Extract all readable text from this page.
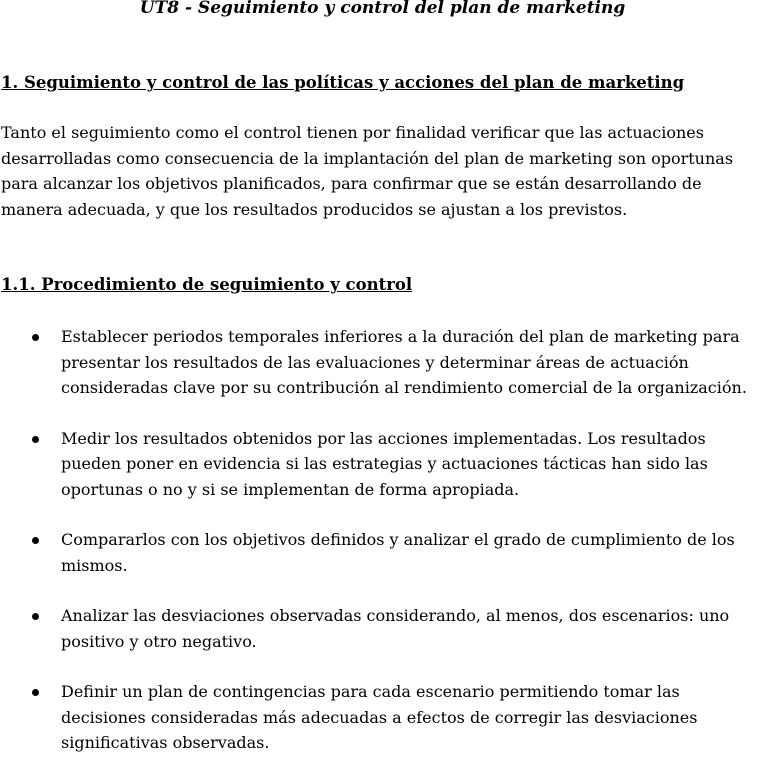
UT8 - Seguimiento y control del plan de marketing
1. Seguimiento y control de las políticas y acciones del plan de marketing

Tanto el seguimiento como el control tienen por finalidad verificar que las actuaciones desarrolladas como consecuencia de la implantación del plan de marketing son oportunas para alcanzar los objetivos planificados, para confirmar que se están desarrollando de manera adecuada, y que los resultados producidos se ajustan a los previstos.

1.1. Procedimiento de seguimiento y control
Establecer periodos temporales inferiores a la duración del plan de marketing para presentar los resultados de las evaluaciones y determinar áreas de actuación consideradas clave por su contribución al rendimiento comercial de la organización.
Medir los resultados obtenidos por las acciones implementadas. Los resultados pueden poner en evidencia si las estrategias y actuaciones tácticas han sido las oportunas o no y si se implementan de forma apropiada.
Compararlos con los objetivos definidos y analizar el grado de cumplimiento de los mismos.
Analizar las desviaciones observadas considerando, al menos, dos escenarios: uno positivo y otro negativo.
Definir un plan de contingencias para cada escenario permitiendo tomar las decisiones consideradas más adecuadas a efectos de corregir las desviaciones significativas observadas.
